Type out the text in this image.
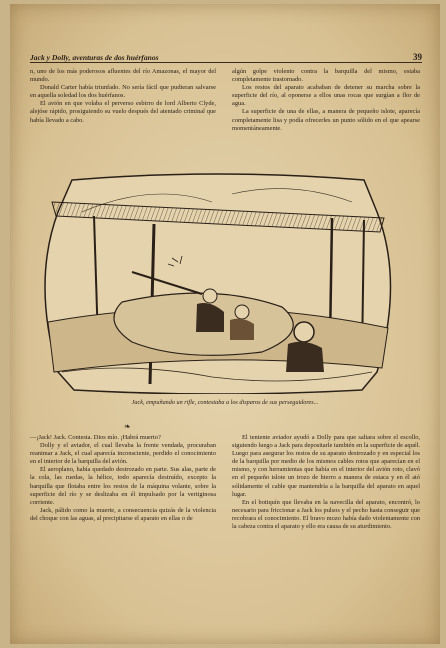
Jack y Dolly, aventuras de dos huérfanos	39

n, uno de los más poderosos afluentes del río Amazonas, el mayor del mundo.

Donald Carter había triunfado. No sería fácil que pudieran salvarse en aquella soledad los dos huérfanos.

El avión en que volaba el perverso esbirro de lord Alberto Clyde, alejóse rápido, prosiguiendo su vuelo después del atentado criminal que había llevado a cabo.

algún golpe violento contra la barquilla del mismo, estaba completamente trastornado.

Los restos del aparato acababan de detener su marcha sobre la superficie del río, al oponerse a ellos unas rocas que surgían a flor de agua.

La superficie de una de ellas, a manera de pequeño islote, aparecía completamente lisa y podía ofrecerles un punto sólido en el que apearse momentáneamente.

Jack, empuñando un rifle, contestaba a los disparos de sus perseguidores...
❧

—¡Jack! Jack. Contesta. Dios mío. ¡Habrá muerto?

Dolly y el aviador, el cual llevaba la frente vendada, procuraban reanimar a Jack, el cual aparecía inconsciente, perdido el conocimiento en el interior de la barquilla del avión.

El aeroplano, había quedado destrozado en parte. Sus alas, parte de la cola, las ruedas, la hélice, todo aparecía destruído, excepto la barquilla que flotaba entre los restos de la máquina volante, sobre la superficie del río y se deslizaba en él impulsado por la vertiginosa corriente.

Jack, pálido como la muerte, a consecuencia quizás de la violencia del choque con las aguas, al precipitarse el aparato en ellas o de

El teniente aviador ayudó a Dolly para que saltara sobre el escollo, siguiendo luego a Jack para depositarle también en la superficie de aquél. Luego para asegurar los restos de su aparato destrozado y en especial los de la barquilla por medio de los mismos cables rotos que aparecían en el mismo, y con herramientas que había en el interior del avión roto, clavó en el pequeño islote un trozo de hierro a manera de estaca y en él ató sólidamente el cable que mantendría a la barquilla del aparato en aquel lugar.

En el botiquín que llevaba en la navecilla del aparato, encontró, lo necesario para friccionar a Jack los pulsos y el pecho hasta conseguir que recobrara el conocimiento. El bravo mozo había dado violentamente con la cabeza contra el aparato y ello era causa de su aturdimiento.
